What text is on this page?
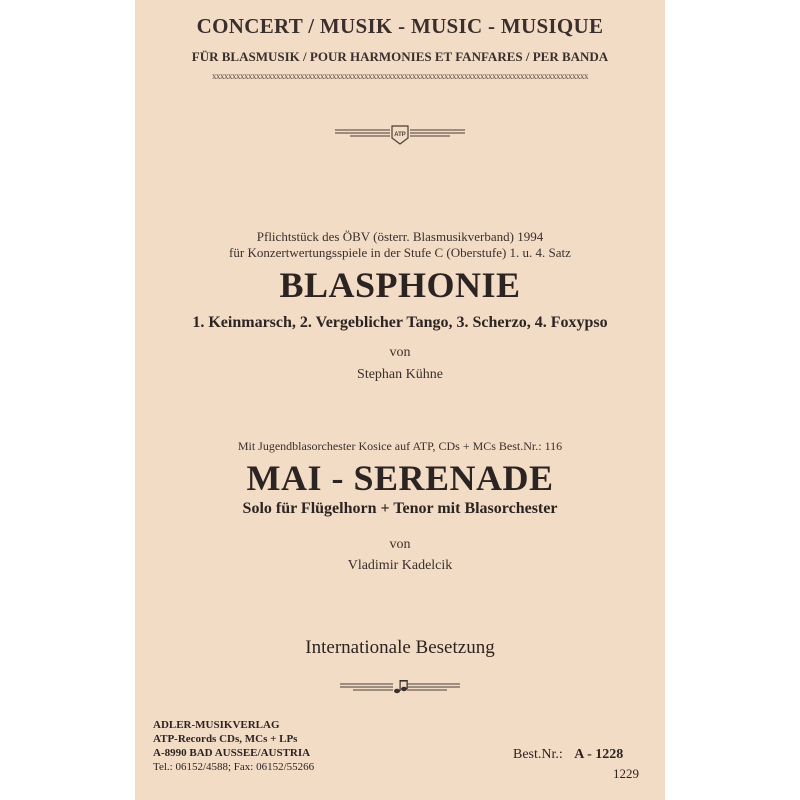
CONCERT / MUSIK - MUSIC - MUSIQUE
FÜR BLASMUSIK / POUR HARMONIES ET FANFARES / PER BANDA
xxxxxxxxxxxxxxxxxxxxxxxxxxxxxxxxxxxxxxxxxxxxxxxxxxxxxxxxxxxxxxxxxxxxxxxxxxxxxxxxxxxxxxxxxxxxxx
ATP
Pflichtstück des ÖBV (österr. Blasmusikverband) 1994
für Konzertwertungsspiele in der Stufe C (Oberstufe) 1. u. 4. Satz
BLASPHONIE
1. Keinmarsch, 2. Vergeblicher Tango, 3. Scherzo, 4. Foxypso
von
Stephan Kühne
Mit Jugendblasorchester Kosice auf ATP, CDs + MCs Best.Nr.: 116
MAI - SERENADE
Solo für Flügelhorn + Tenor mit Blasorchester
von
Vladimir Kadelcik
Internationale Besetzung
ADLER-MUSIKVERLAG
ATP-Records CDs, MCs + LPs
A-8990 BAD AUSSEE/AUSTRIA
Tel.: 06152/4588; Fax: 06152/55266
Best.Nr.: A - 1228
1229
